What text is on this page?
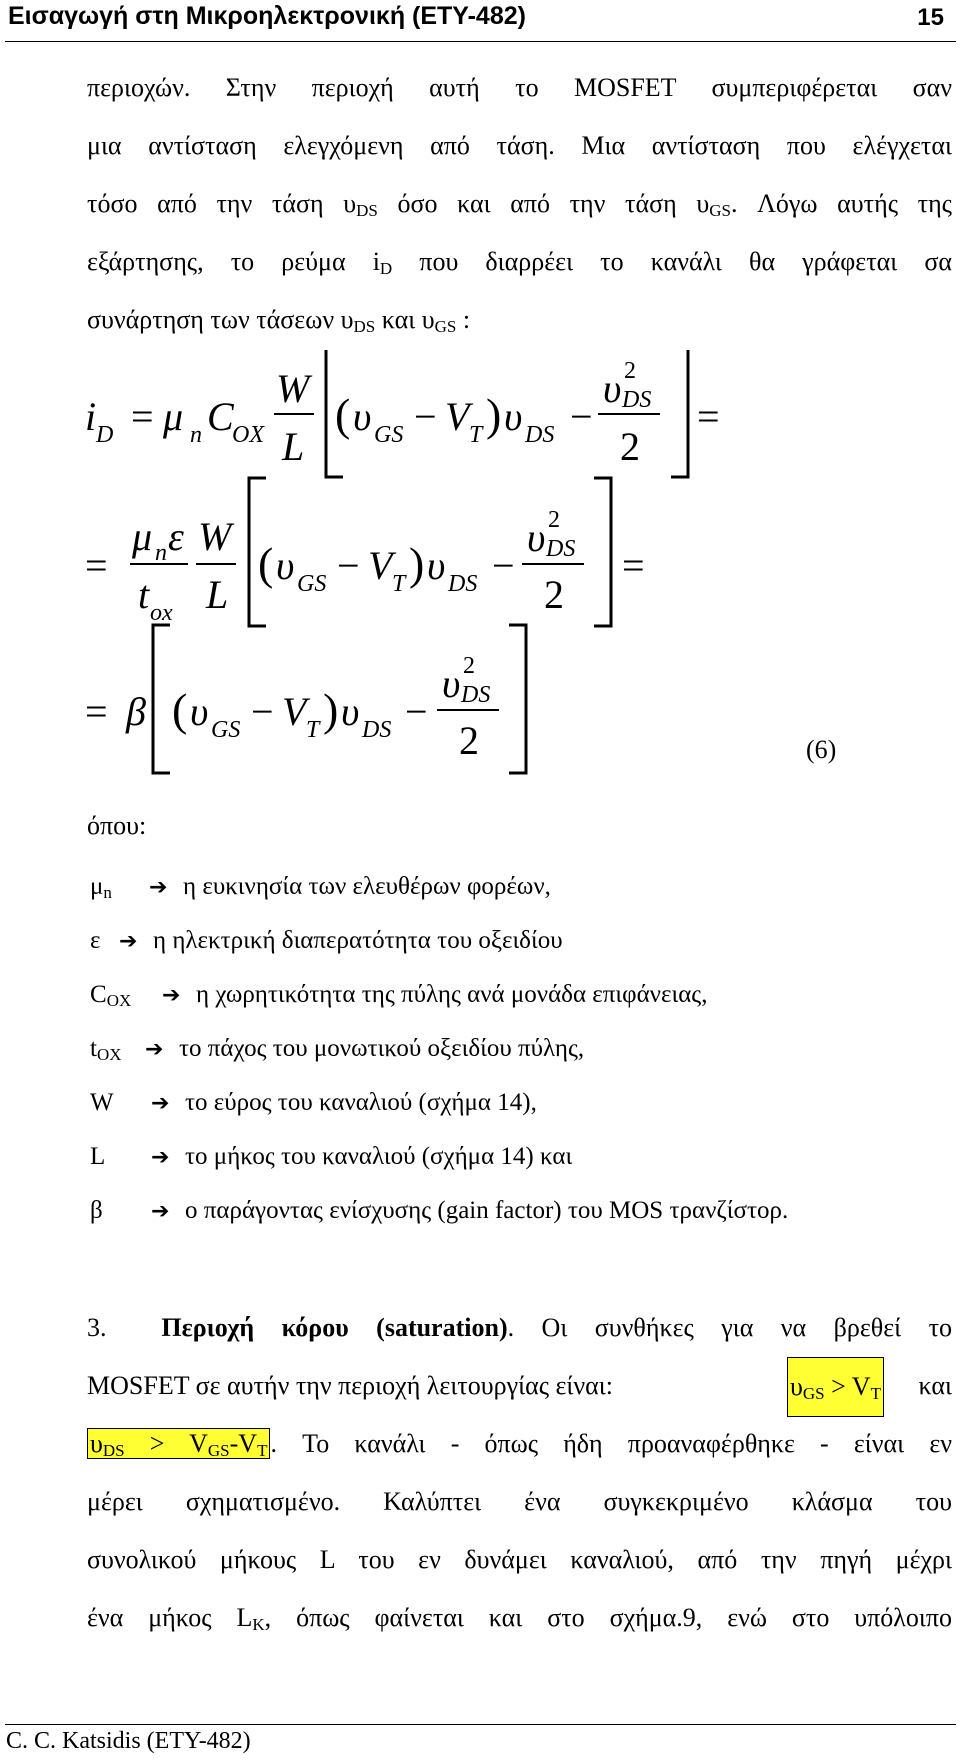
Εισαγωγή στη Μικροηλεκτρονική (ΕΤΥ-482)	15
περιοχών. Στην περιοχή αυτή το MOSFET συμπεριφέρεται σαν
μια αντίσταση ελεγχόμενη από τάση. Μια αντίσταση που ελέγχεται
τόσο από την τάση $\upsilon_{DS}$ όσο και από την τάση $\upsilon_{GS}$. Λόγω αυτής της
εξάρτησης, το ρεύμα $i_D$ που διαρρέει το κανάλι θα γράφεται σα
συνάρτηση των τάσεων $\upsilon_{DS}$ και $\upsilon_{GS}$ :
i D = μ n C
OX
W
L
( υ GS − V T ) υ DS −
υ 2
DS
2
=
=
μ n ε
t ox
W
L
( υ GS − V T ) υ DS −
υ 2
DS
2
=
= β ( υ GS − V T ) υ DS −
υ 2
DS
2	(6)
όπου:
$\mu_n$ ➔ η ευκινησία των ελευθέρων φορέων,
ε ➔ η ηλεκτρική διαπερατότητα του οξειδίου
$C_{OX}$ ➔ η χωρητικότητα της πύλης ανά μονάδα επιφάνειας,
$t_{OX}$ ➔ το πάχος του μονωτικού οξειδίου πύλης,
W ➔ το εύρος του καναλιού (σχήμα 14),
L ➔ το μήκος του καναλιού (σχήμα 14) και
β ➔ ο παράγοντας ενίσχυσης (gain factor) του MOS τρανζίστορ.
3. Περιοχή κόρου (saturation). Οι συνθήκες για να βρεθεί το
MOSFET σε αυτήν την περιοχή λειτουργίας είναι:	$\upsilon_{GS} > V_T$ και
$\upsilon_{DS} > V_{GS}-V_T$ . Το κανάλι - όπως ήδη προαναφέρθηκε - είναι εν
μέρει σχηματισμένο. Καλύπτει ένα συγκεκριμένο κλάσμα του
συνολικού μήκους L του εν δυνάμει καναλιού, από την πηγή μέχρι
ένα μήκος $L_K$, όπως φαίνεται και στο σχήμα.9, ενώ στο υπόλοιπο
C. C. Katsidis (ΕΤΥ-482)
